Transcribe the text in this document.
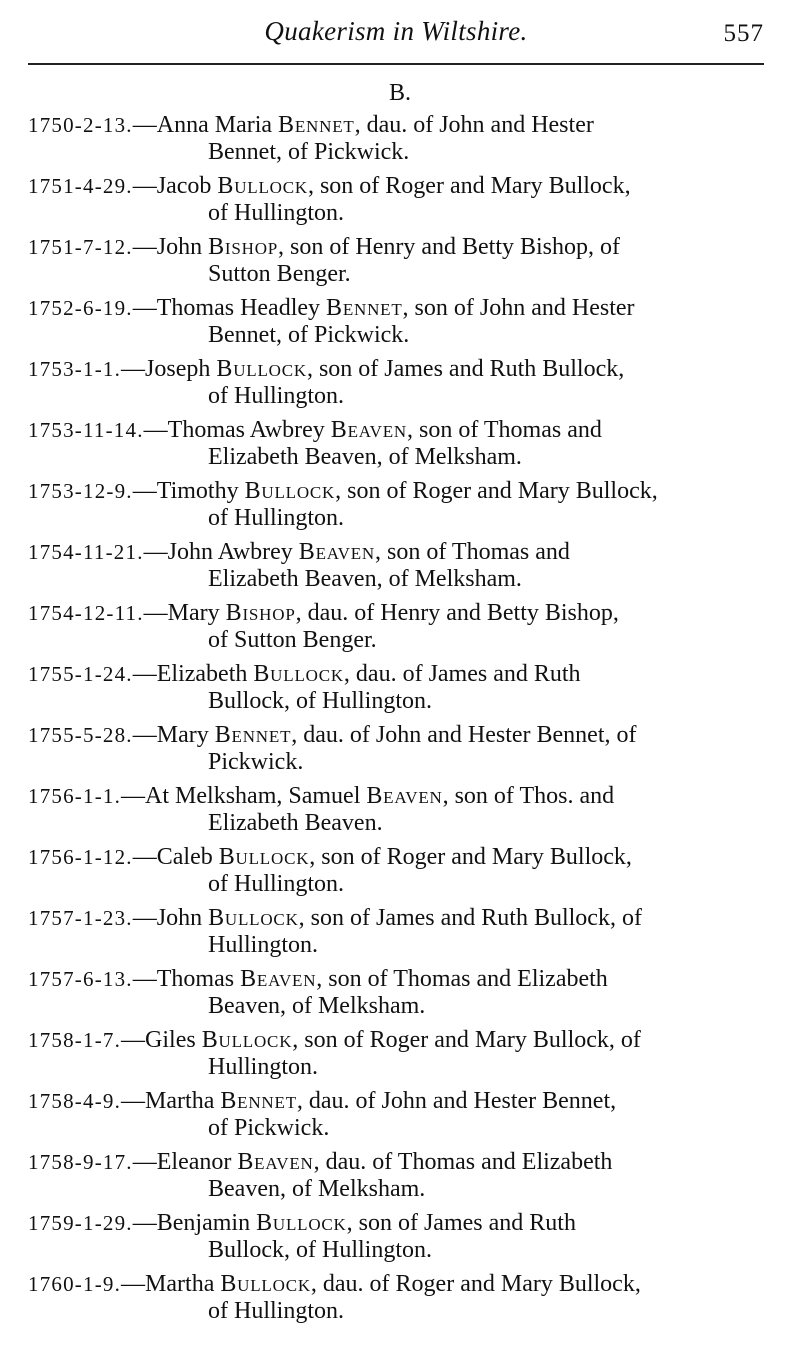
Quakerism in Wiltshire.	557
B.
1750-2-13.—Anna Maria Bennet, dau. of John and Hester
Bennet, of Pickwick.
1751-4-29.—Jacob Bullock, son of Roger and Mary Bullock,
of Hullington.
1751-7-12.—John Bishop, son of Henry and Betty Bishop, of
Sutton Benger.
1752-6-19.—Thomas Headley Bennet, son of John and Hester
Bennet, of Pickwick.
1753-1-1.—Joseph Bullock, son of James and Ruth Bullock,
of Hullington.
1753-11-14.—Thomas Awbrey Beaven, son of Thomas and
Elizabeth Beaven, of Melksham.
1753-12-9.—Timothy Bullock, son of Roger and Mary Bullock,
of Hullington.
1754-11-21.—John Awbrey Beaven, son of Thomas and
Elizabeth Beaven, of Melksham.
1754-12-11.—Mary Bishop, dau. of Henry and Betty Bishop,
of Sutton Benger.
1755-1-24.—Elizabeth Bullock, dau. of James and Ruth
Bullock, of Hullington.
1755-5-28.—Mary Bennet, dau. of John and Hester Bennet, of
Pickwick.
1756-1-1.—At Melksham, Samuel Beaven, son of Thos. and
Elizabeth Beaven.
1756-1-12.—Caleb Bullock, son of Roger and Mary Bullock,
of Hullington.
1757-1-23.—John Bullock, son of James and Ruth Bullock, of
Hullington.
1757-6-13.—Thomas Beaven, son of Thomas and Elizabeth
Beaven, of Melksham.
1758-1-7.—Giles Bullock, son of Roger and Mary Bullock, of
Hullington.
1758-4-9.—Martha Bennet, dau. of John and Hester Bennet,
of Pickwick.
1758-9-17.—Eleanor Beaven, dau. of Thomas and Elizabeth
Beaven, of Melksham.
1759-1-29.—Benjamin Bullock, son of James and Ruth
Bullock, of Hullington.
1760-1-9.—Martha Bullock, dau. of Roger and Mary Bullock,
of Hullington.
